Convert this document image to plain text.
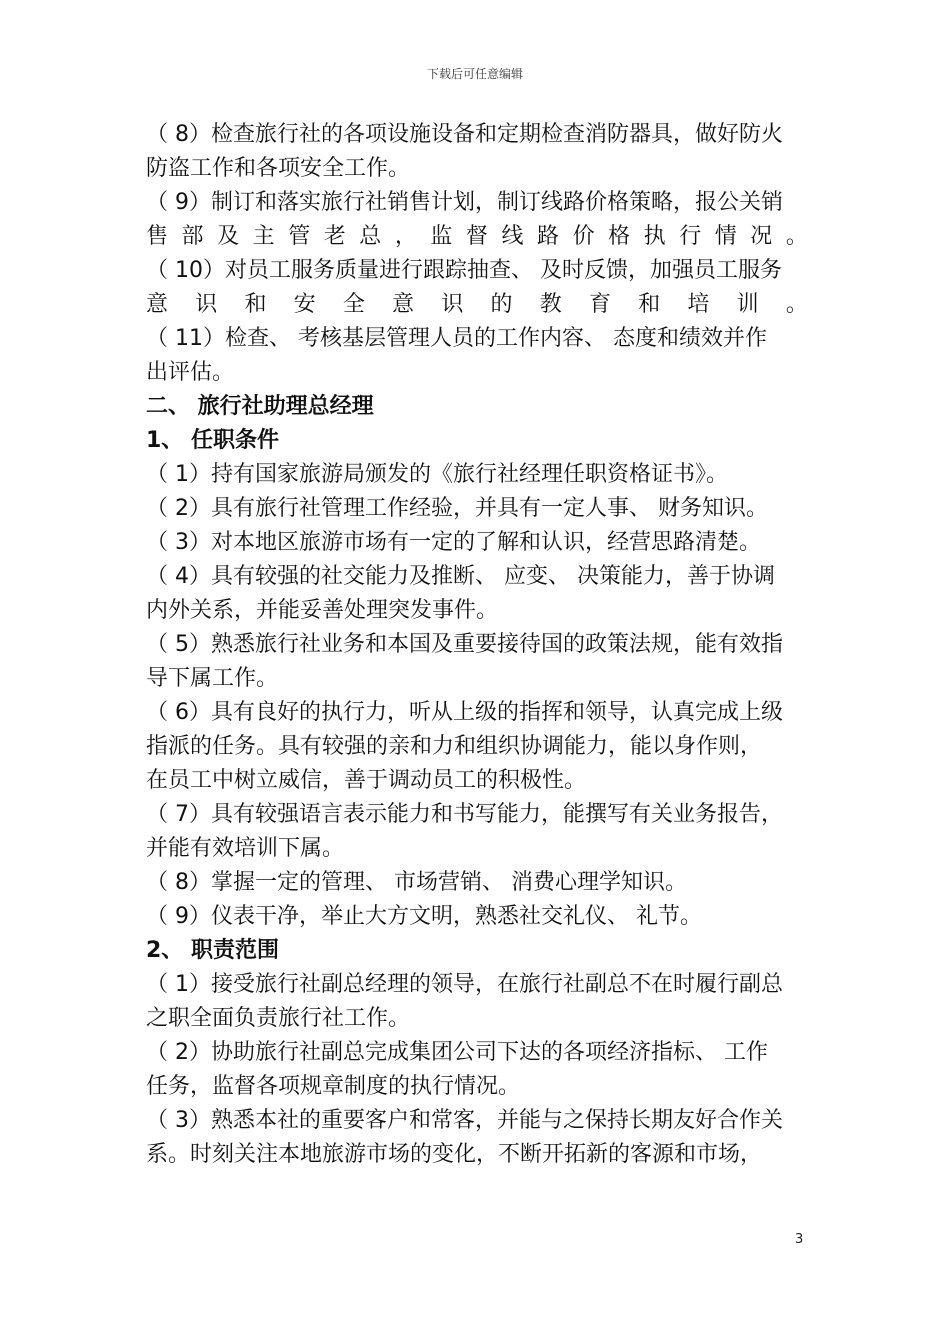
下载后可任意编辑
（ 8）检查旅行社的各项设施设备和定期检查消防器具，做好防火
防盗工作和各项安全工作。
（ 9）制订和落实旅行社销售计划，制订线路价格策略，报公关销
售 部 及 主 管 老 总 ， 监 督 线 路 价 格 执 行 情 况 。
（ 10）对员工服务质量进行跟踪抽查、 及时反馈，加强员工服务
意 识 和 安 全 意 识 的 教 育 和 培 训 。
（ 11）检查、 考核基层管理人员的工作内容、 态度和绩效并作
出评估。
二、 旅行社助理总经理
1、 任职条件
（ 1）持有国家旅游局颁发的《旅行社经理任职资格证书》。
（ 2）具有旅行社管理工作经验，并具有一定人事、 财务知识。
（ 3）对本地区旅游市场有一定的了解和认识，经营思路清楚。
（ 4）具有较强的社交能力及推断、 应变、 决策能力，善于协调
内外关系，并能妥善处理突发事件。
（ 5）熟悉旅行社业务和本国及重要接待国的政策法规，能有效指
导下属工作。
（ 6）具有良好的执行力，听从上级的指挥和领导，认真完成上级
指派的任务。具有较强的亲和力和组织协调能力，能以身作则，
在员工中树立威信，善于调动员工的积极性。
（ 7）具有较强语言表示能力和书写能力，能撰写有关业务报告，
并能有效培训下属。
（ 8）掌握一定的管理、 市场营销、 消费心理学知识。
（ 9）仪表干净，举止大方文明，熟悉社交礼仪、 礼节。
2、 职责范围
（ 1）接受旅行社副总经理的领导，在旅行社副总不在时履行副总
之职全面负责旅行社工作。
（ 2）协助旅行社副总完成集团公司下达的各项经济指标、 工作
任务，监督各项规章制度的执行情况。
（ 3）熟悉本社的重要客户和常客，并能与之保持长期友好合作关
系。时刻关注本地旅游市场的变化，不断开拓新的客源和市场，
3
